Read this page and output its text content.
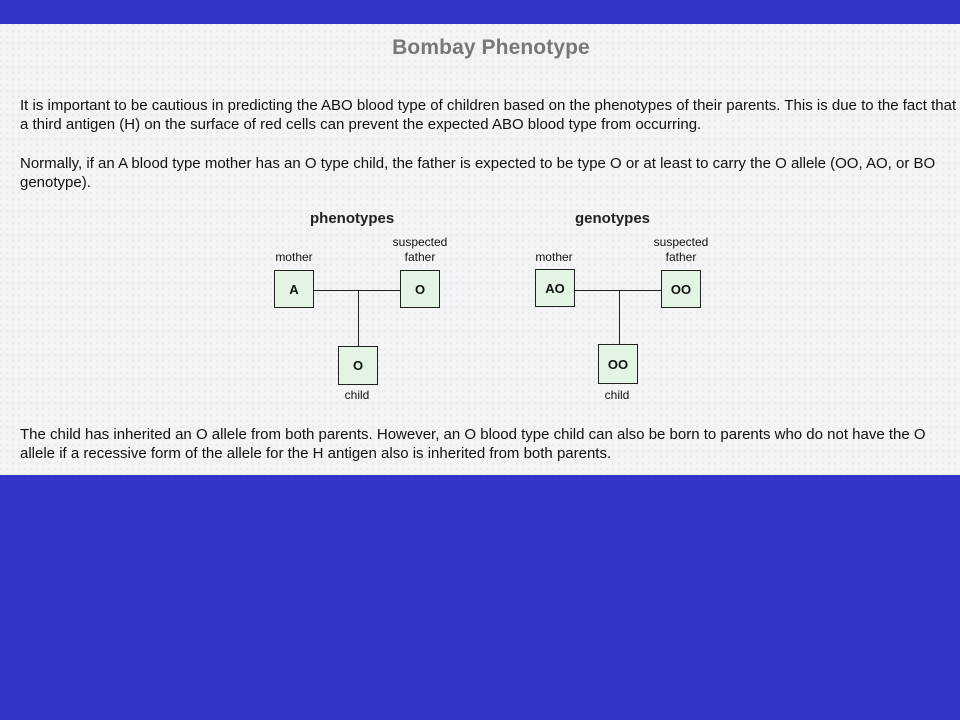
Bombay Phenotype
It is important to be cautious in predicting the ABO blood type of children based on the phenotypes of their parents. This is due to the fact that a third antigen (H) on the surface of red cells can prevent the expected ABO blood type from occurring.
Normally, if an A blood type mother has an O type child, the father is expected to be type O or at least to carry the O allele (OO, AO, or BO genotype).
phenotypes
mother
suspected
father
A	O
O
child
genotypes
mother
suspected
father
AO	OO
OO
child
The child has inherited an O allele from both parents. However, an O blood type child can also be born to parents who do not have the O allele if a recessive form of the allele for the H antigen also is inherited from both parents.
